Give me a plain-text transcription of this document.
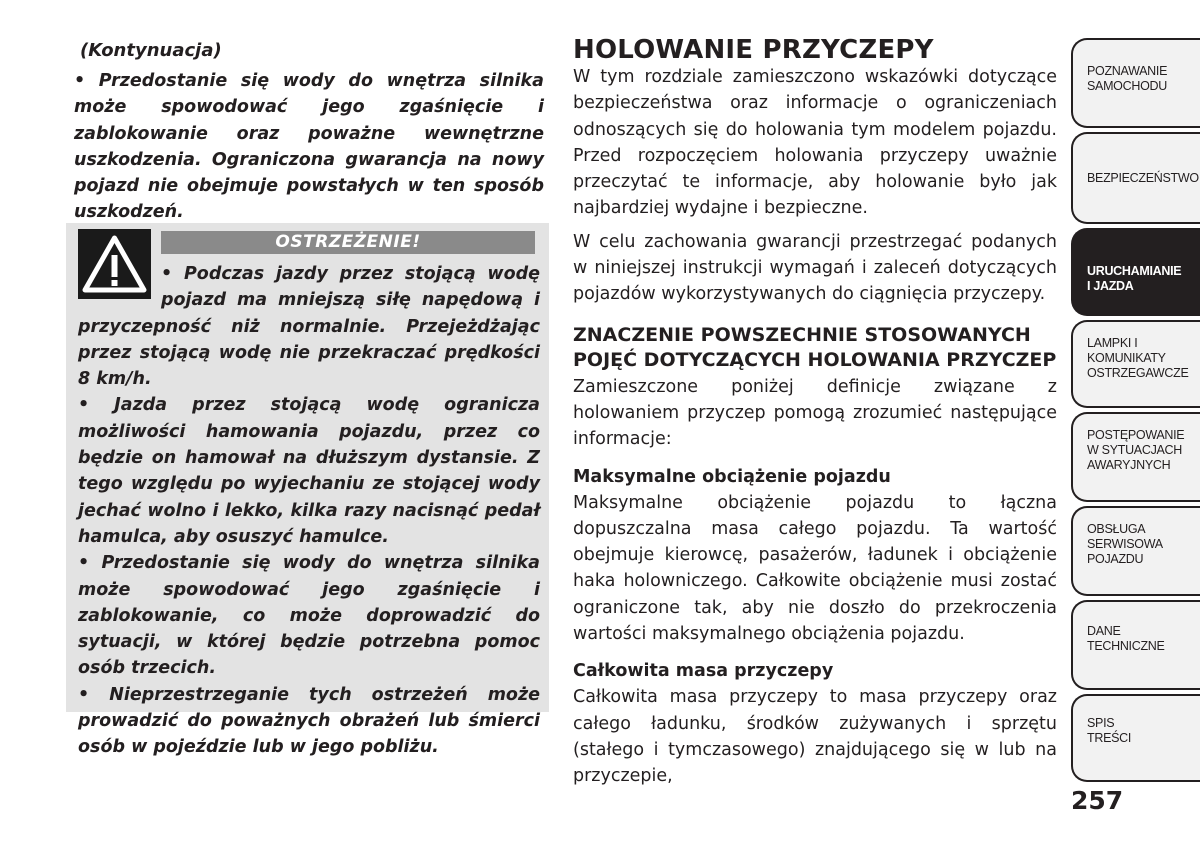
(Kontynuacja)

• Przedostanie się wody do wnętrza silnika może spowodować jego zgaśnięcie i zablokowanie oraz poważne wewnętrzne uszkodzenia. Ograniczona gwarancja na nowy pojazd nie obejmuje powstałych w ten sposób uszkodzeń.

OSTRZEŻENIE!

• Podczas jazdy przez stojącą wodę pojazd ma mniejszą siłę napędową i przyczepność niż normalnie. Przejeżdżając przez stojącą wodę nie przekraczać prędkości 8 km/h.

• Jazda przez stojącą wodę ogranicza możliwości hamowania pojazdu, przez co będzie on hamował na dłuższym dystansie. Z tego względu po wyjechaniu ze stojącej wody jechać wolno i lekko, kilka razy nacisnąć pedał hamulca, aby osuszyć hamulce.

• Przedostanie się wody do wnętrza silnika może spowodować jego zgaśnięcie i zablokowanie, co może doprowadzić do sytuacji, w której będzie potrzebna pomoc osób trzecich.

• Nieprzestrzeganie tych ostrzeżeń może prowadzić do poważnych obrażeń lub śmierci osób w pojeździe lub w jego pobliżu.

HOLOWANIE PRZYCZEPY

W tym rozdziale zamieszczono wskazówki dotyczące bezpieczeństwa oraz informacje o ograniczeniach odnoszących się do holowania tym modelem pojazdu. Przed rozpoczęciem holowania przyczepy uważnie przeczytać te informacje, aby holowanie było jak najbardziej wydajne i bezpieczne.

W celu zachowania gwarancji przestrzegać podanych w niniejszej instrukcji wymagań i zaleceń dotyczących pojazdów wykorzystywanych do ciągnięcia przyczepy.

ZNACZENIE POWSZECHNIE STOSOWANYCH POJĘĆ DOTYCZĄCYCH HOLOWANIA PRZYCZEP

Zamieszczone poniżej definicje związane z holowaniem przyczep pomogą zrozumieć następujące informacje:

Maksymalne obciążenie pojazdu

Maksymalne obciążenie pojazdu to łączna dopuszczalna masa całego pojazdu. Ta wartość obejmuje kierowcę, pasażerów, ładunek i obciążenie haka holowniczego. Całkowite obciążenie musi zostać ograniczone tak, aby nie doszło do przekroczenia wartości maksymalnego obciążenia pojazdu.

Całkowita masa przyczepy

Całkowita masa przyczepy to masa przyczepy oraz całego ładunku, środków zużywanych i sprzętu (stałego i tymczasowego) znajdującego się w lub na przyczepie,

POZNAWANIE
SAMOCHODU
BEZPIECZEŃSTWO
URUCHAMIANIE
I JAZDA
LAMPKI I
KOMUNIKATY
OSTRZEGAWCZE
POSTĘPOWANIE
W SYTUACJACH
AWARYJNYCH
OBSŁUGA
SERWISOWA
POJAZDU
DANE
TECHNICZNE
SPIS
TREŚCI
257
